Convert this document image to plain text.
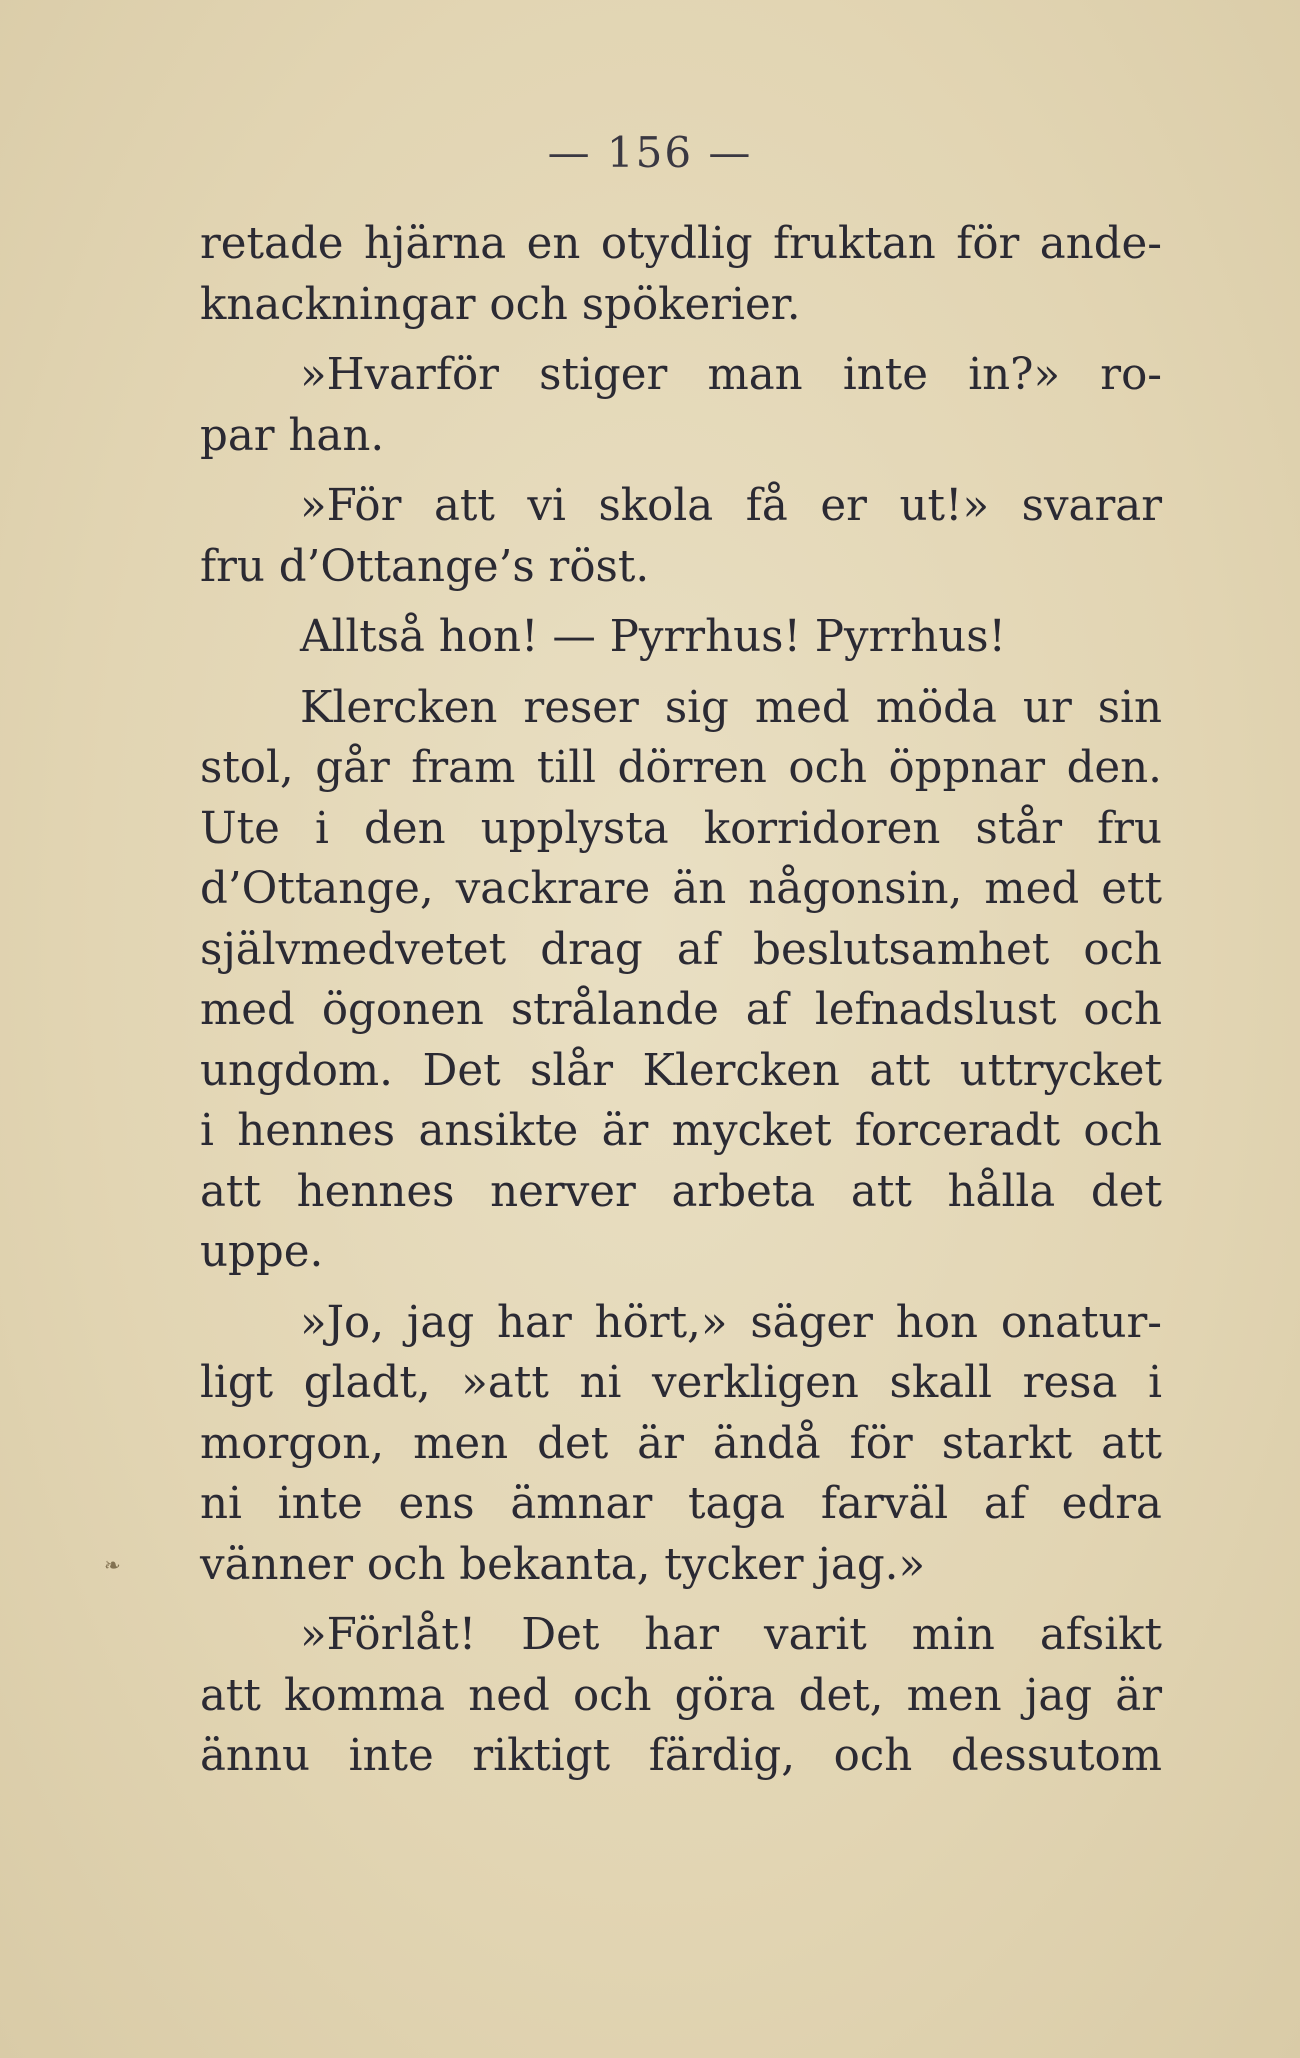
— 156 —
❧
retade hjärna en otydlig fruktan för ande-
knackningar och spökerier.
»Hvarför stiger man inte in?» ro-
par han.
»För att vi skola få er ut!» svarar
fru d’Ottange’s röst.
Alltså hon! — Pyrrhus! Pyrrhus!
Klercken reser sig med möda ur sin
stol, går fram till dörren och öppnar den.
Ute i den upplysta korridoren står fru
d’Ottange, vackrare än någonsin, med ett
självmedvetet drag af beslutsamhet och
med ögonen strålande af lefnadslust och
ungdom. Det slår Klercken att uttrycket
i hennes ansikte är mycket forceradt och
att hennes nerver arbeta att hålla det
uppe.
»Jo, jag har hört,» säger hon onatur-
ligt gladt, »att ni verkligen skall resa i
morgon, men det är ändå för starkt att
ni inte ens ämnar taga farväl af edra
vänner och bekanta, tycker jag.»
»Förlåt! Det har varit min afsikt
att komma ned och göra det, men jag är
ännu inte riktigt färdig, och dessutom
